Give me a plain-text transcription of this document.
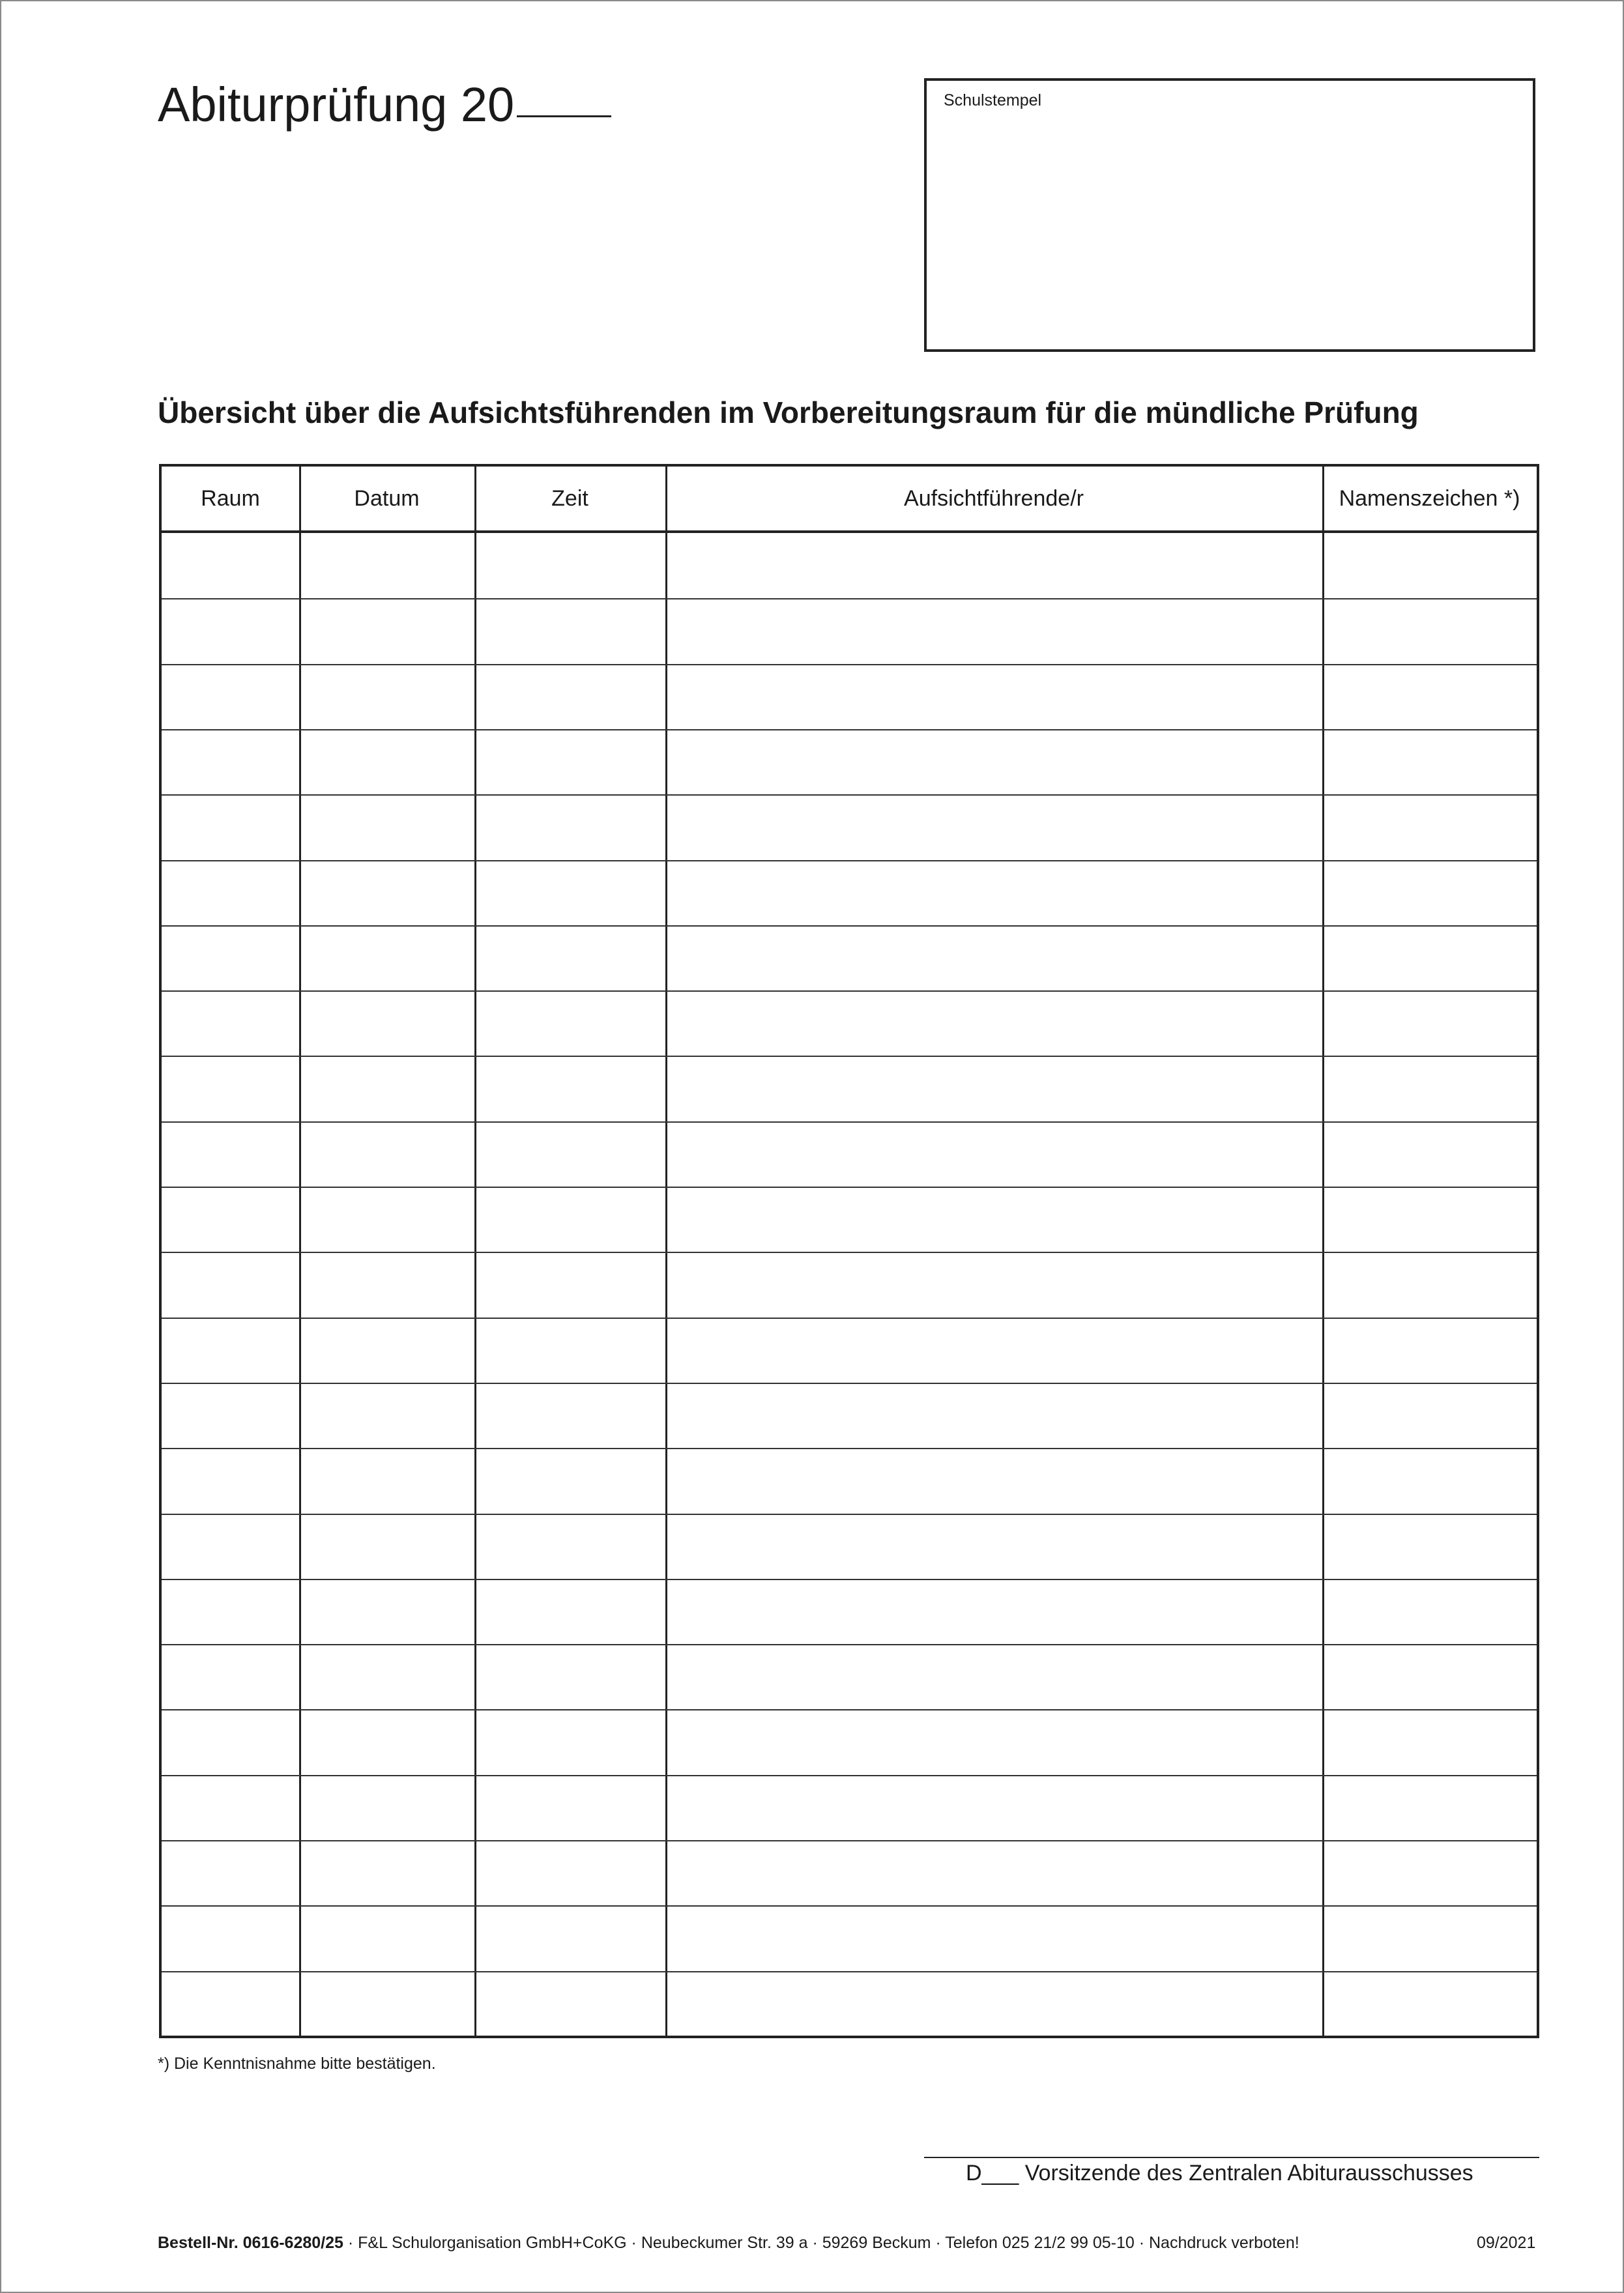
Abiturprüfung 20	Schulstempel
Übersicht über die Aufsichtsführenden im Vorbereitungsraum für die mündliche Prüfung
Raum	Datum	Zeit	Aufsichtführende/r	Namenszeichen *)
*) Die Kenntnisnahme bitte bestätigen.
D___ Vorsitzende des Zentralen Abiturausschusses
Bestell-Nr. 0616-6280/25 · F&L Schulorganisation GmbH+CoKG · Neubeckumer Str. 39 a · 59269 Beckum · Telefon 025 21/2 99 05-10 · Nachdruck verboten!	09/2021
